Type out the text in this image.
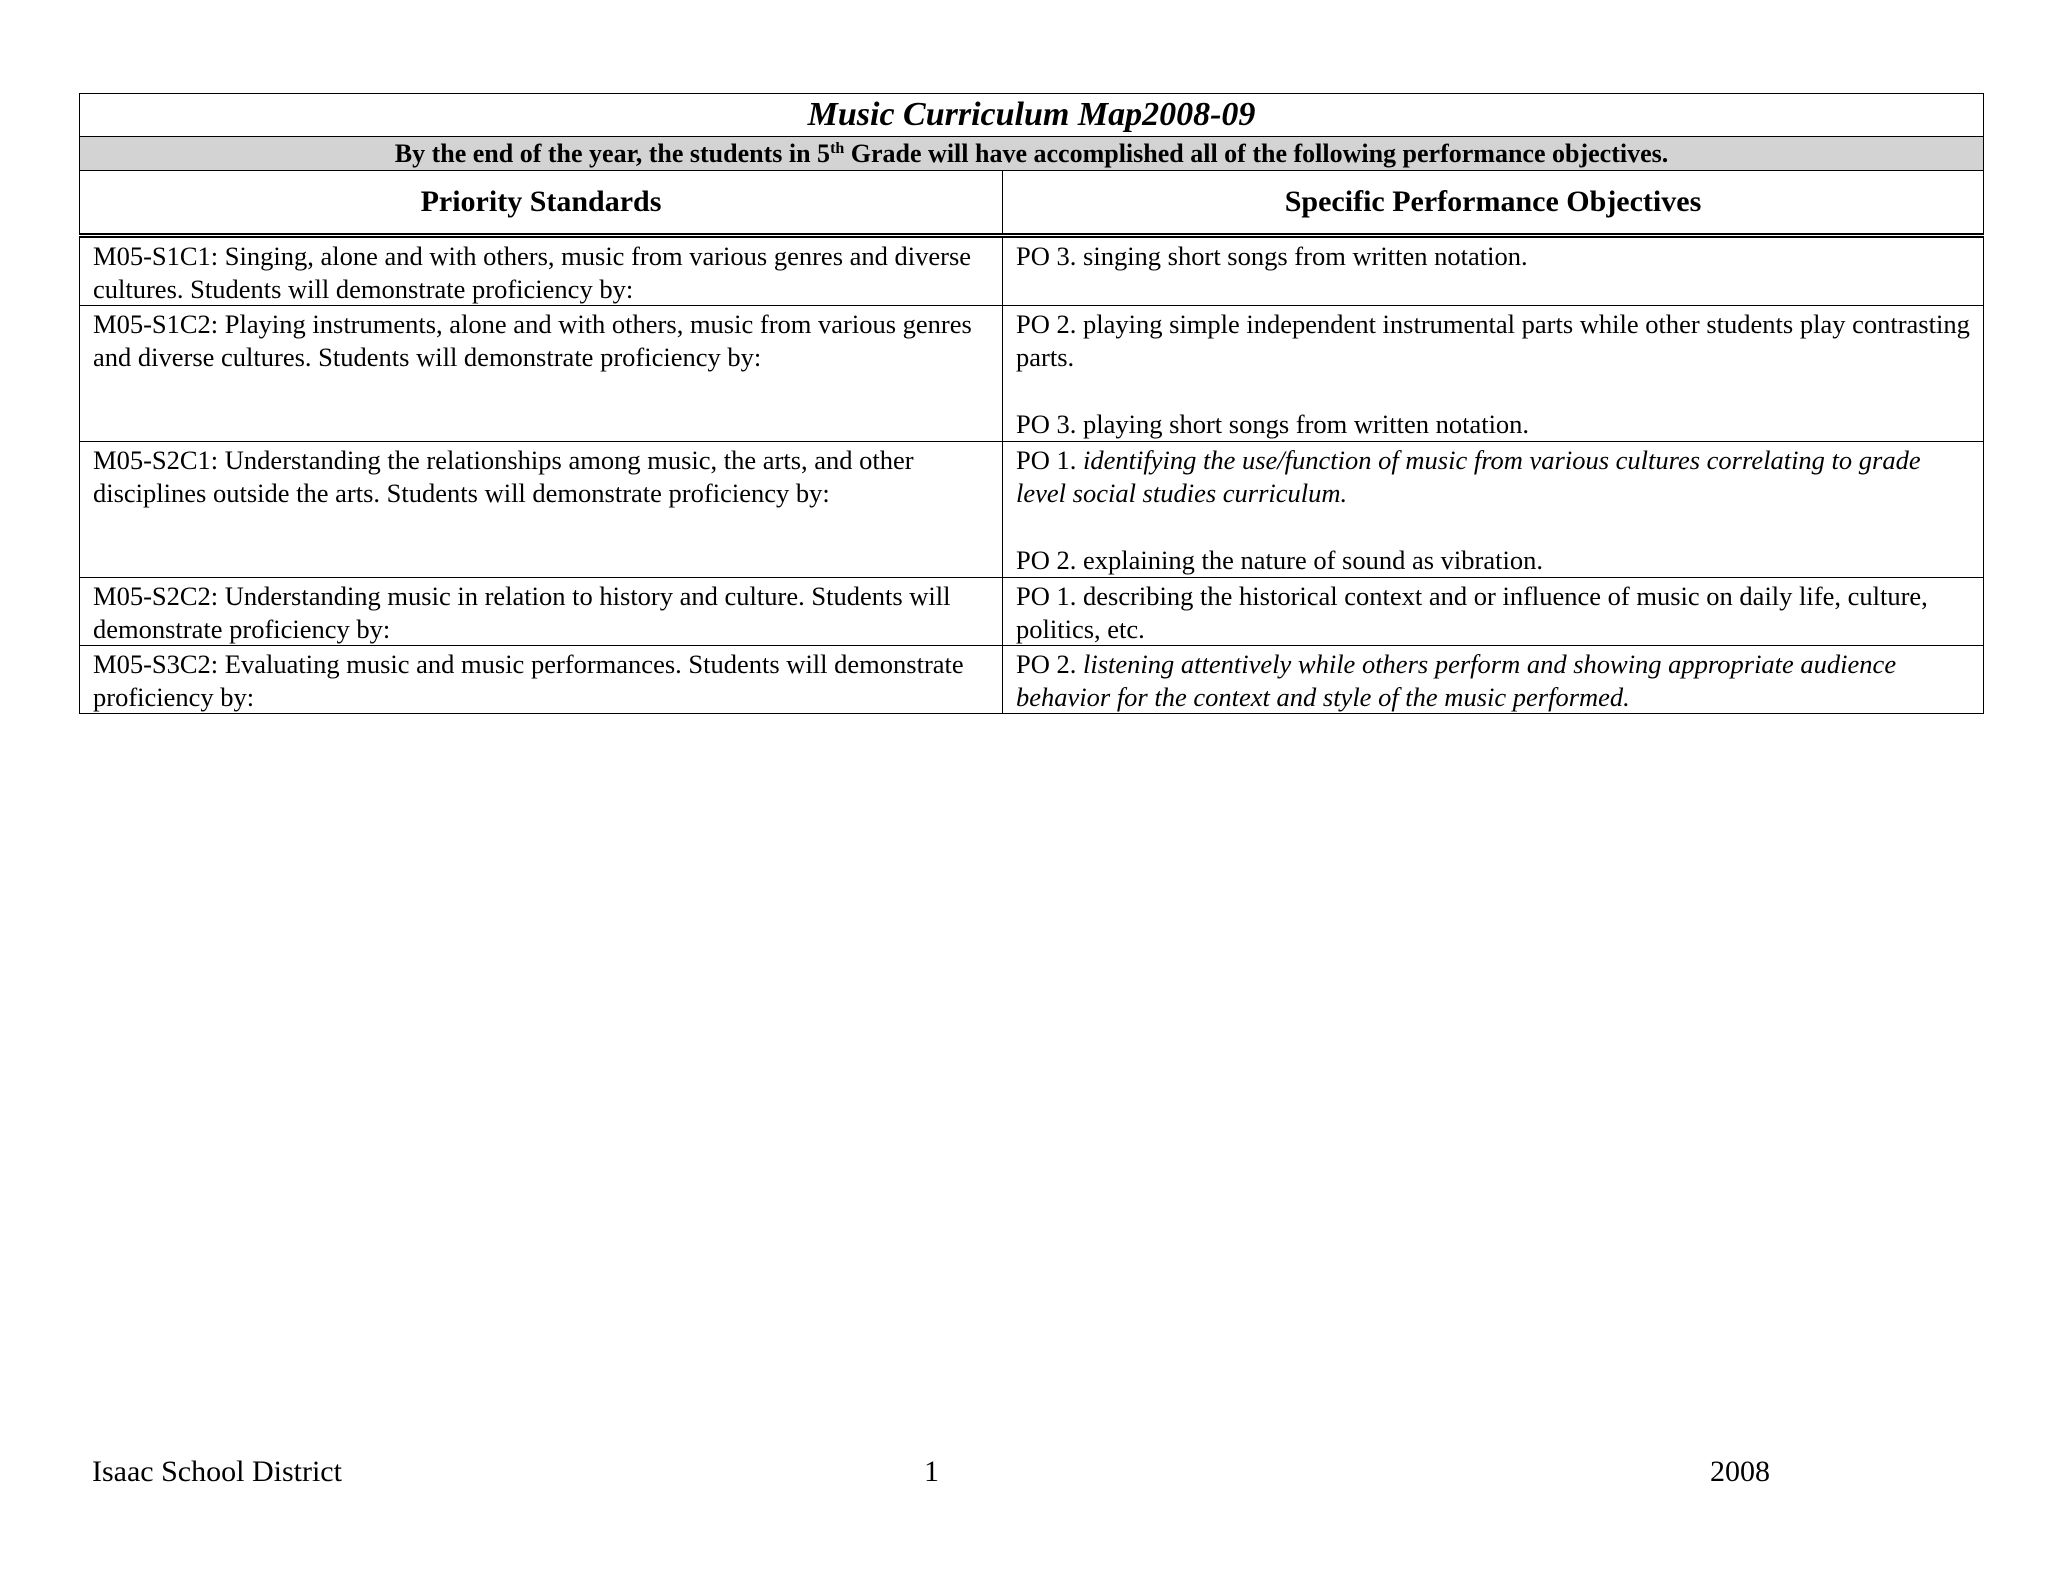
Music Curriculum Map2008-09	
By the end of the year, the students in 5th Grade will have accomplished all of the following performance objectives.	
Priority Standards	Specific Performance Objectives
M05-S1C1: Singing, alone and with others, music from various genres and diverse cultures. Students will demonstrate proficiency by:	PO 3. singing short songs from written notation.

M05-S1C2: Playing instruments, alone and with others, music from various genres and diverse cultures. Students will demonstrate proficiency by:	PO 2. playing simple independent instrumental parts while other students play contrasting parts.
PO 3. playing short songs from written notation.

M05-S2C1: Understanding the relationships among music, the arts, and other disciplines outside the arts. Students will demonstrate proficiency by:	PO 1. identifying the use/function of music from various cultures correlating to grade level social studies curriculum.
PO 2. explaining the nature of sound as vibration.

M05-S2C2: Understanding music in relation to history and culture. Students will demonstrate proficiency by:	PO 1. describing the historical context and or influence of music on daily life, culture, politics, etc.

M05-S3C2: Evaluating music and music performances. Students will demonstrate proficiency by:	PO 2. listening attentively while others perform and showing appropriate audience behavior for the context and style of the music performed.
Isaac School District	1	2008
